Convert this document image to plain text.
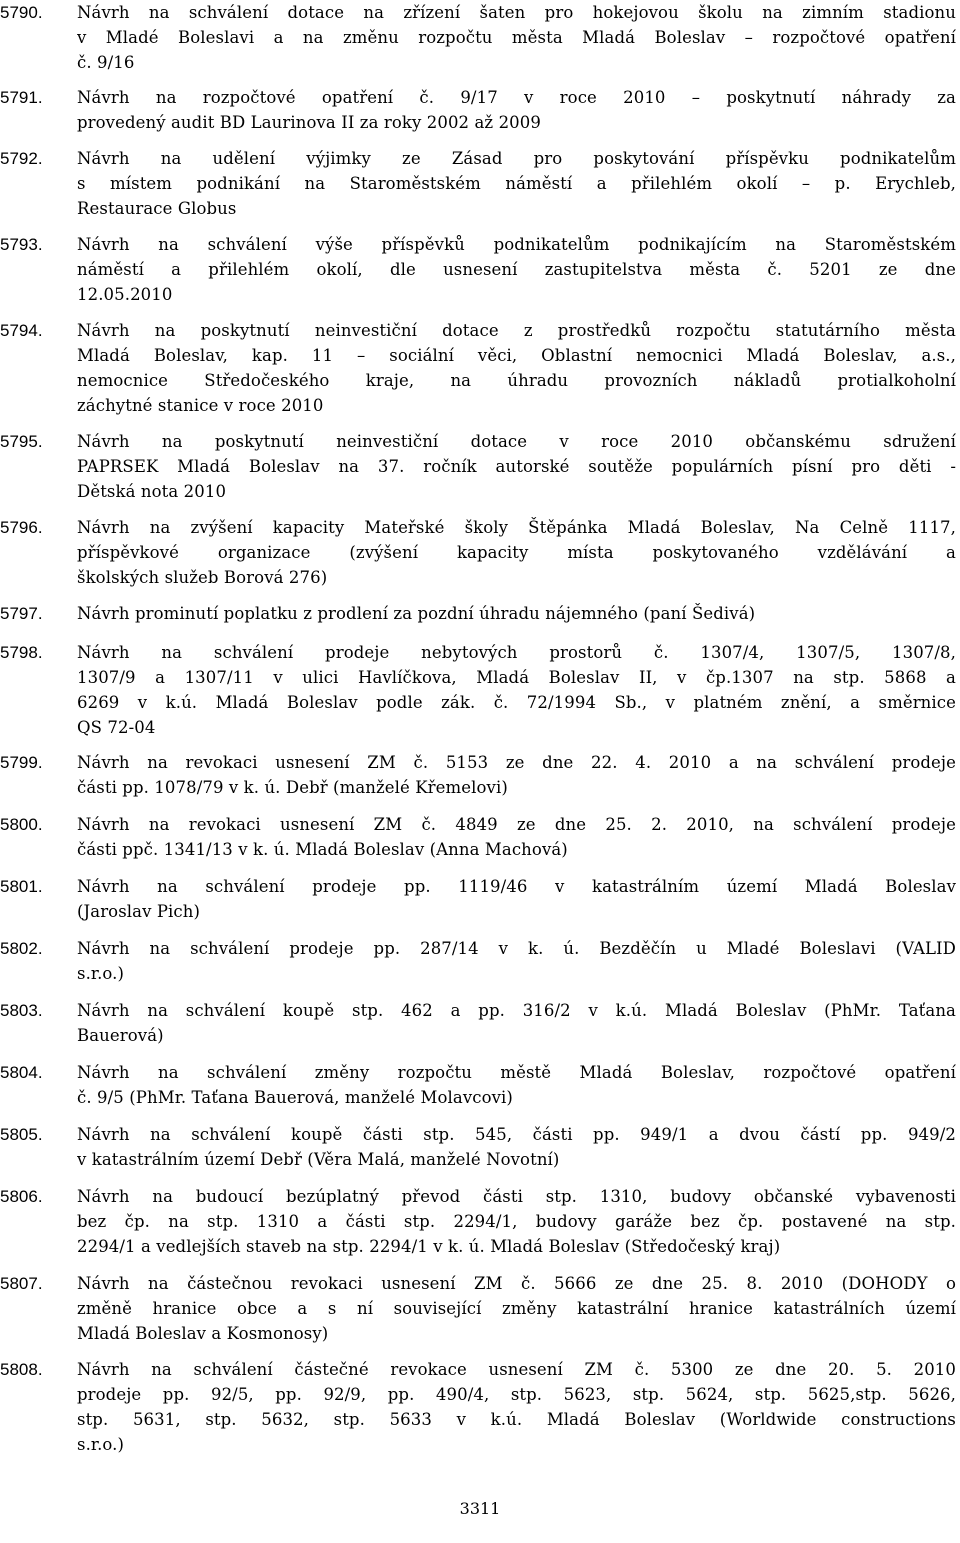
5790.	Návrh na schválení dotace na zřízení šaten pro hokejovou školu na zimním stadionu
v Mladé Boleslavi a na změnu rozpočtu města Mladá Boleslav – rozpočtové opatření
č. 9/16
5791.	Návrh na rozpočtové opatření č. 9/17 v roce 2010 – poskytnutí náhrady za
provedený audit BD Laurinova II za roky 2002 až 2009
5792.	Návrh na udělení výjimky ze Zásad pro poskytování příspěvku podnikatelům
s místem podnikání na Staroměstském náměstí a přilehlém okolí – p. Erychleb,
Restaurace Globus
5793.	Návrh na schválení výše příspěvků podnikatelům podnikajícím na Staroměstském
náměstí a přilehlém okolí, dle usnesení zastupitelstva města č. 5201 ze dne
12.05.2010
5794.	Návrh na poskytnutí neinvestiční dotace z prostředků rozpočtu statutárního města
Mladá Boleslav, kap. 11 – sociální věci, Oblastní nemocnici Mladá Boleslav, a.s.,
nemocnice Středočeského kraje, na úhradu provozních nákladů protialkoholní
záchytné stanice v roce 2010
5795.	Návrh na poskytnutí neinvestiční dotace v roce 2010 občanskému sdružení
PAPRSEK Mladá Boleslav na 37. ročník autorské soutěže populárních písní pro děti -
Dětská nota 2010
5796.	Návrh na zvýšení kapacity Mateřské školy Štěpánka Mladá Boleslav, Na Celně 1117,
příspěvkové organizace (zvýšení kapacity místa poskytovaného vzdělávání a
školských služeb Borová 276)
5797.	Návrh prominutí poplatku z prodlení za pozdní úhradu nájemného (paní Šedivá)
5798.	Návrh na schválení prodeje nebytových prostorů č. 1307/4, 1307/5, 1307/8,
1307/9 a 1307/11 v ulici Havlíčkova, Mladá Boleslav II, v čp.1307 na stp. 5868 a
6269 v k.ú. Mladá Boleslav podle zák. č. 72/1994 Sb., v platném znění, a směrnice
QS 72-04
5799.	Návrh na revokaci usnesení ZM č. 5153 ze dne 22. 4. 2010 a na schválení prodeje
části pp. 1078/79 v k. ú. Debř (manželé Křemelovi)
5800.	Návrh na revokaci usnesení ZM č. 4849 ze dne 25. 2. 2010, na schválení prodeje
části ppč. 1341/13 v k. ú. Mladá Boleslav (Anna Machová)
5801.	Návrh na schválení prodeje pp. 1119/46 v katastrálním území Mladá Boleslav
(Jaroslav Pich)
5802.	Návrh na schválení prodeje pp. 287/14 v k. ú. Bezděčín u Mladé Boleslavi (VALID
s.r.o.)
5803.	Návrh na schválení koupě stp. 462 a pp. 316/2 v k.ú. Mladá Boleslav (PhMr. Taťana
Bauerová)
5804.	Návrh na schválení změny rozpočtu městě Mladá Boleslav, rozpočtové opatření
č. 9/5 (PhMr. Taťana Bauerová, manželé Molavcovi)
5805.	Návrh na schválení koupě části stp. 545, části pp. 949/1 a dvou částí pp. 949/2
v katastrálním území Debř (Věra Malá, manželé Novotní)
5806.	Návrh na budoucí bezúplatný převod části stp. 1310, budovy občanské vybavenosti
bez čp. na stp. 1310 a části stp. 2294/1, budovy garáže bez čp. postavené na stp.
2294/1 a vedlejších staveb na stp. 2294/1 v k. ú. Mladá Boleslav (Středočeský kraj)
5807.	Návrh na částečnou revokaci usnesení ZM č. 5666 ze dne 25. 8. 2010 (DOHODY o
změně hranice obce a s ní související změny katastrální hranice katastrálních území
Mladá Boleslav a Kosmonosy)
5808.	Návrh na schválení částečné revokace usnesení ZM č. 5300 ze dne 20. 5. 2010
prodeje pp. 92/5, pp. 92/9, pp. 490/4, stp. 5623, stp. 5624, stp. 5625,stp. 5626,
stp. 5631, stp. 5632, stp. 5633 v k.ú. Mladá Boleslav (Worldwide constructions
s.r.o.)
3311
